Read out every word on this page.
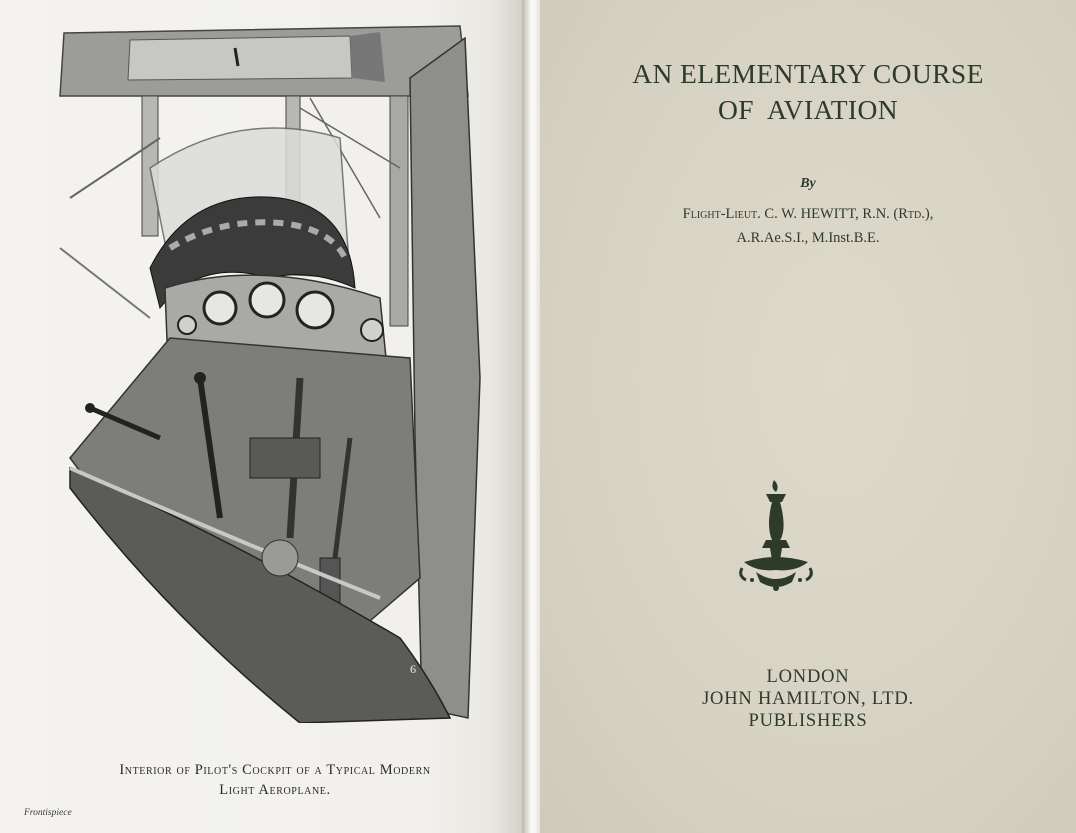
6
Interior of Pilot's Cockpit of a Typical Modern
Light Aeroplane.
Frontispiece
AN ELEMENTARY COURSE
OF  AVIATION
By
Flight-Lieut. C. W. HEWITT, R.N. (Rtd.),
A.R.Ae.S.I., M.Inst.B.E.
LONDON
JOHN HAMILTON, LTD.
PUBLISHERS
